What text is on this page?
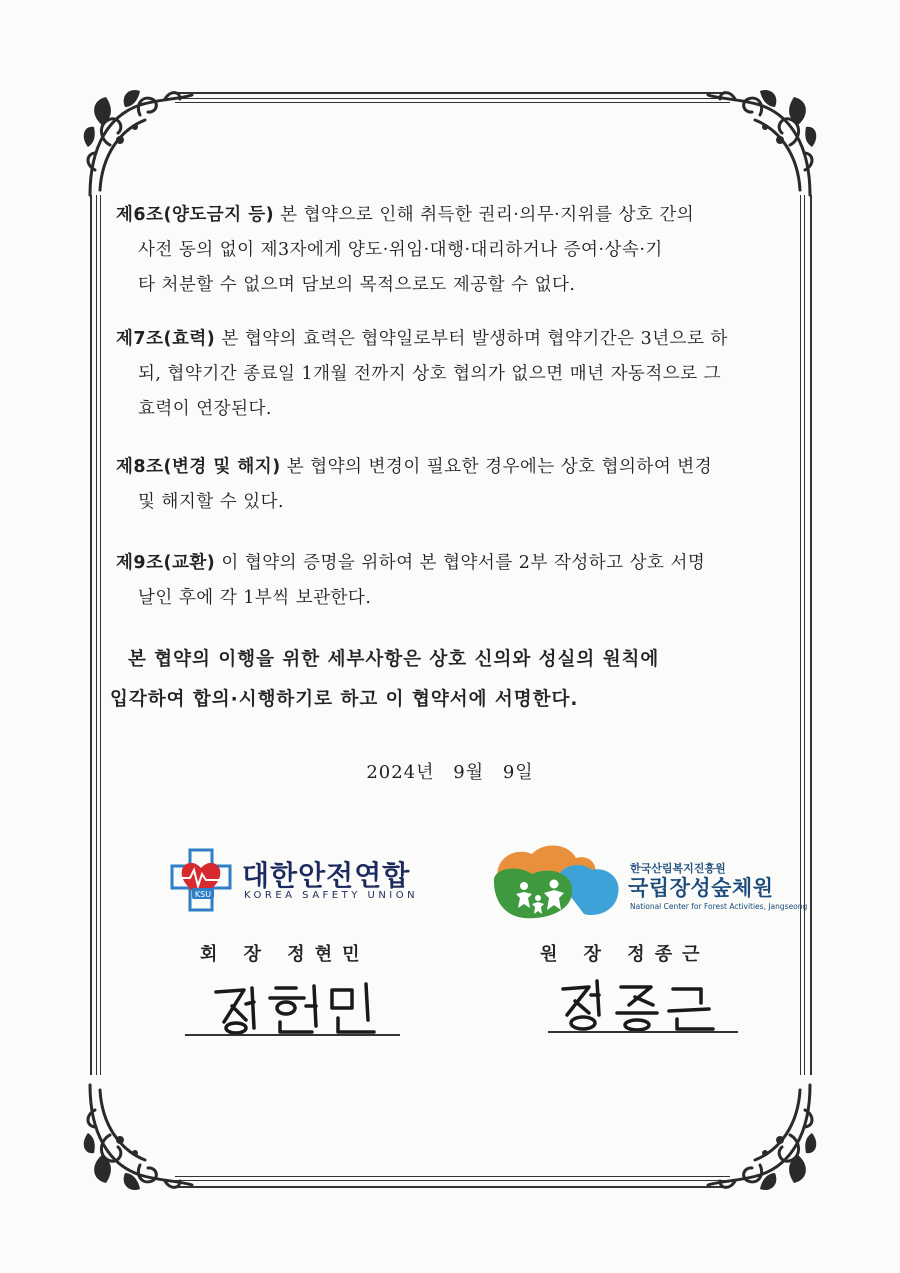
제6조(양도금지 등) 본 협약으로 인해 취득한 권리·의무·지위를 상호 간의
사전 동의 없이 제3자에게 양도·위임·대행·대리하거나 증여·상속·기
타 처분할 수 없으며 담보의 목적으로도 제공할 수 없다.
제7조(효력) 본 협약의 효력은 협약일로부터 발생하며 협약기간은 3년으로 하
되, 협약기간 종료일 1개월 전까지 상호 협의가 없으면 매년 자동적으로 그
효력이 연장된다.
제8조(변경 및 해지) 본 협약의 변경이 필요한 경우에는 상호 협의하여 변경
및 해지할 수 있다.
제9조(교환) 이 협약의 증명을 위하여 본 협약서를 2부 작성하고 상호 서명
날인 후에 각 1부씩 보관한다.
본 협약의 이행을 위한 세부사항은 상호 신의와 성실의 원칙에
입각하여 합의·시행하기로 하고 이 협약서에 서명한다.
2024년 9월 9일
KSU
대한안전연합
KOREA SAFETY UNION
한국산림복지진흥원
국립장성숲체원
National Center for Forest Activities, Jangseong
회 장 정현민	원 장 정종근
